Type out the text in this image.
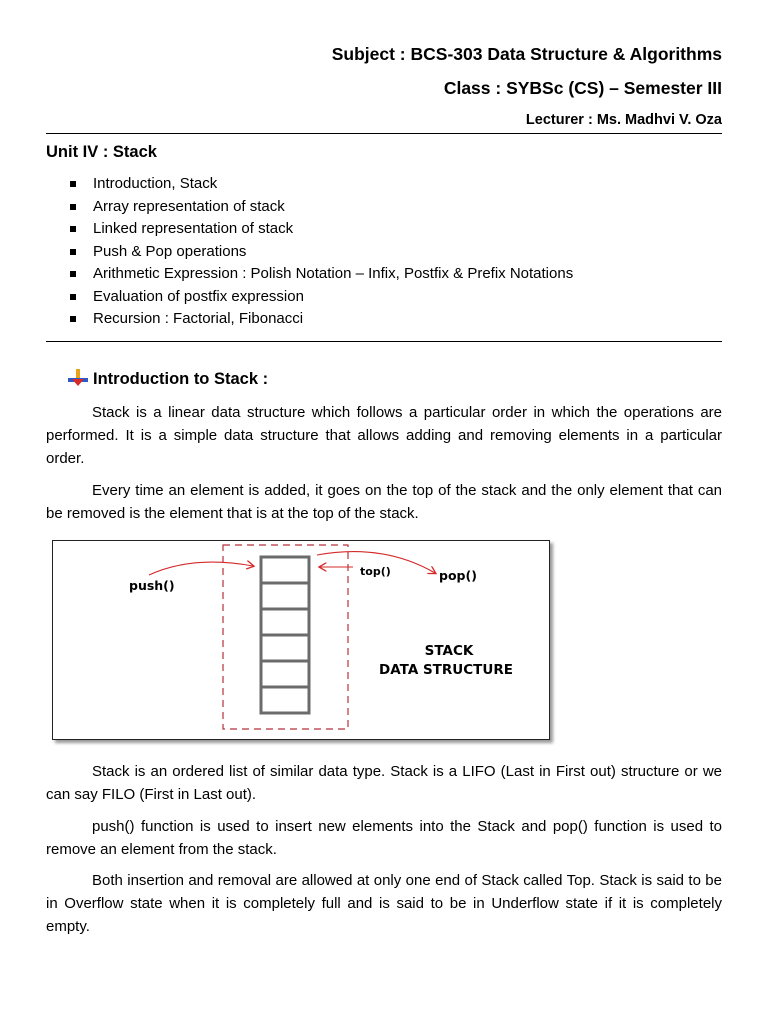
Subject : BCS-303 Data Structure & Algorithms
Class : SYBSc (CS) – Semester III
Lecturer : Ms. Madhvi V. Oza
Unit IV : Stack
Introduction, Stack
Array representation of stack
Linked representation of stack
Push & Pop operations
Arithmetic Expression : Polish Notation – Infix, Postfix & Prefix Notations
Evaluation of postfix expression
Recursion : Factorial, Fibonacci
Introduction to Stack :

Stack is a linear data structure which follows a particular order in which the operations are performed. It is a simple data structure that allows adding and removing elements in a particular order.

Every time an element is added, it goes on the top of the stack and the only element that can be removed is the element that is at the top of the stack.

push()
top()	pop()
STACK
DATA STRUCTURE

Stack is an ordered list of similar data type. Stack is a LIFO (Last in First out) structure or we can say FILO (First in Last out).

push() function is used to insert new elements into the Stack and pop() function is used to remove an element from the stack.

Both insertion and removal are allowed at only one end of Stack called Top. Stack is said to be in Overflow state when it is completely full and is said to be in Underflow state if it is completely empty.
